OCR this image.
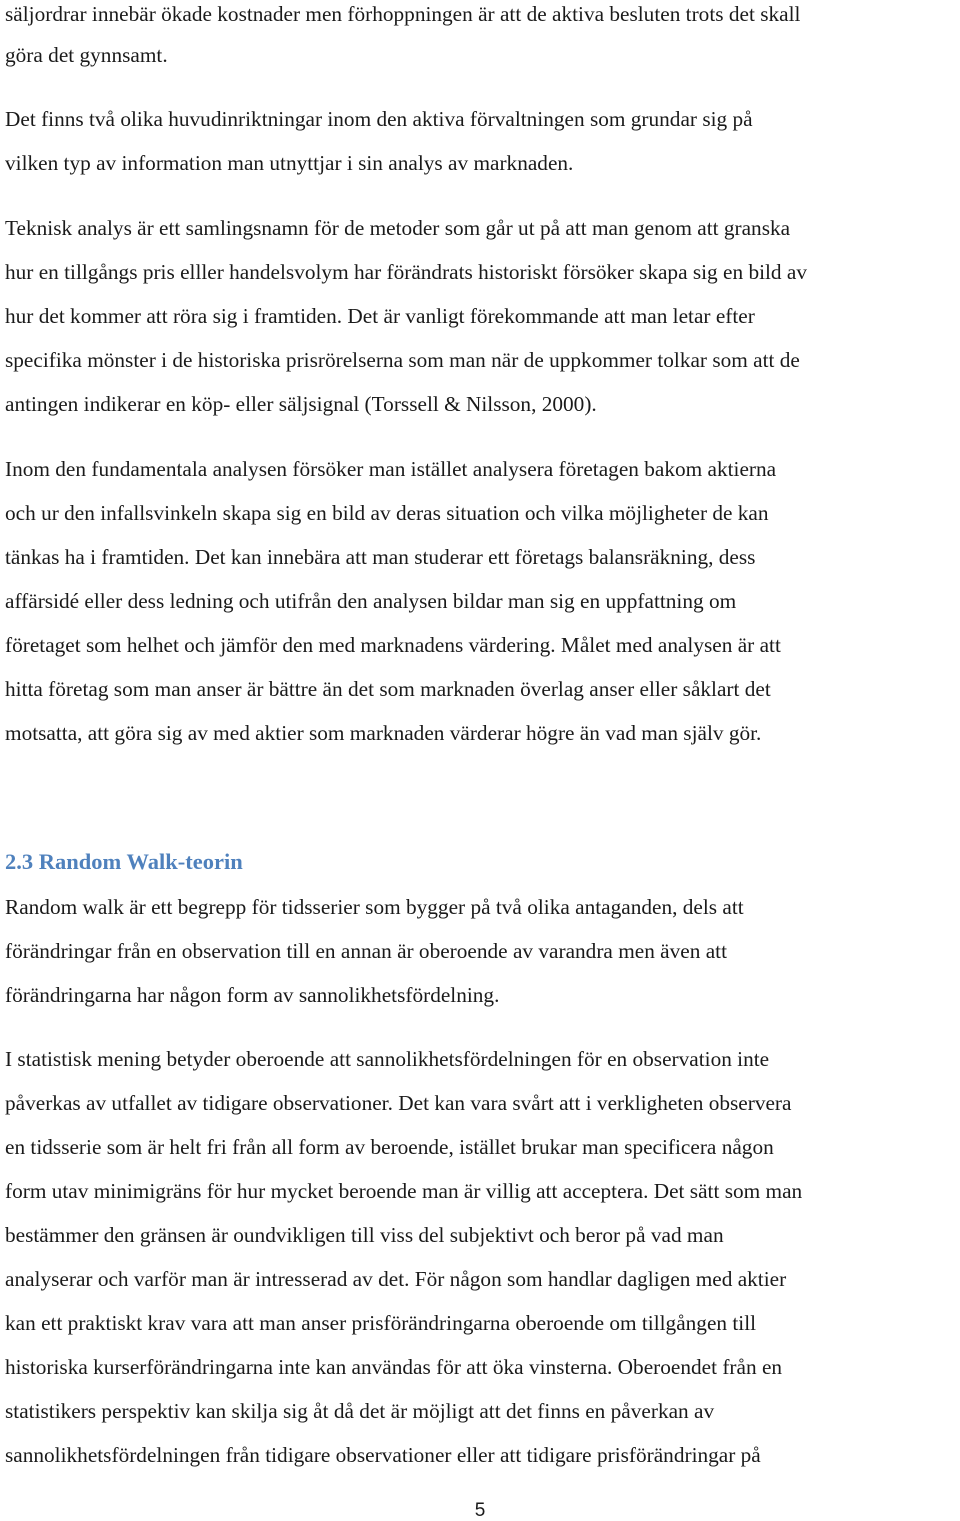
säljordrar innebär ökade kostnader men förhoppningen är att de aktiva besluten trots det skall
göra det gynnsamt.
Det finns två olika huvudinriktningar inom den aktiva förvaltningen som grundar sig på
vilken typ av information man utnyttjar i sin analys av marknaden.
Teknisk analys är ett samlingsnamn för de metoder som går ut på att man genom att granska
hur en tillgångs pris elller handelsvolym har förändrats historiskt försöker skapa sig en bild av
hur det kommer att röra sig i framtiden. Det är vanligt förekommande att man letar efter
specifika mönster i de historiska prisrörelserna som man när de uppkommer tolkar som att de
antingen indikerar en köp- eller säljsignal (Torssell & Nilsson, 2000).
Inom den fundamentala analysen försöker man istället analysera företagen bakom aktierna
och ur den infallsvinkeln skapa sig en bild av deras situation och vilka möjligheter de kan
tänkas ha i framtiden. Det kan innebära att man studerar ett företags balansräkning, dess
affärsidé eller dess ledning och utifrån den analysen bildar man sig en uppfattning om
företaget som helhet och jämför den med marknadens värdering. Målet med analysen är att
hitta företag som man anser är bättre än det som marknaden överlag anser eller såklart det
motsatta, att göra sig av med aktier som marknaden värderar högre än vad man själv gör.
2.3 Random Walk-teorin
Random walk är ett begrepp för tidsserier som bygger på två olika antaganden, dels att
förändringar från en observation till en annan är oberoende av varandra men även att
förändringarna har någon form av sannolikhetsfördelning.
I statistisk mening betyder oberoende att sannolikhetsfördelningen för en observation inte
påverkas av utfallet av tidigare observationer. Det kan vara svårt att i verkligheten observera
en tidsserie som är helt fri från all form av beroende, istället brukar man specificera någon
form utav minimigräns för hur mycket beroende man är villig att acceptera. Det sätt som man
bestämmer den gränsen är oundvikligen till viss del subjektivt och beror på vad man
analyserar och varför man är intresserad av det. För någon som handlar dagligen med aktier
kan ett praktiskt krav vara att man anser prisförändringarna oberoende om tillgången till
historiska kurserförändringarna inte kan användas för att öka vinsterna. Oberoendet från en
statistikers perspektiv kan skilja sig åt då det är möjligt att det finns en påverkan av
sannolikhetsfördelningen från tidigare observationer eller att tidigare prisförändringar på
5
